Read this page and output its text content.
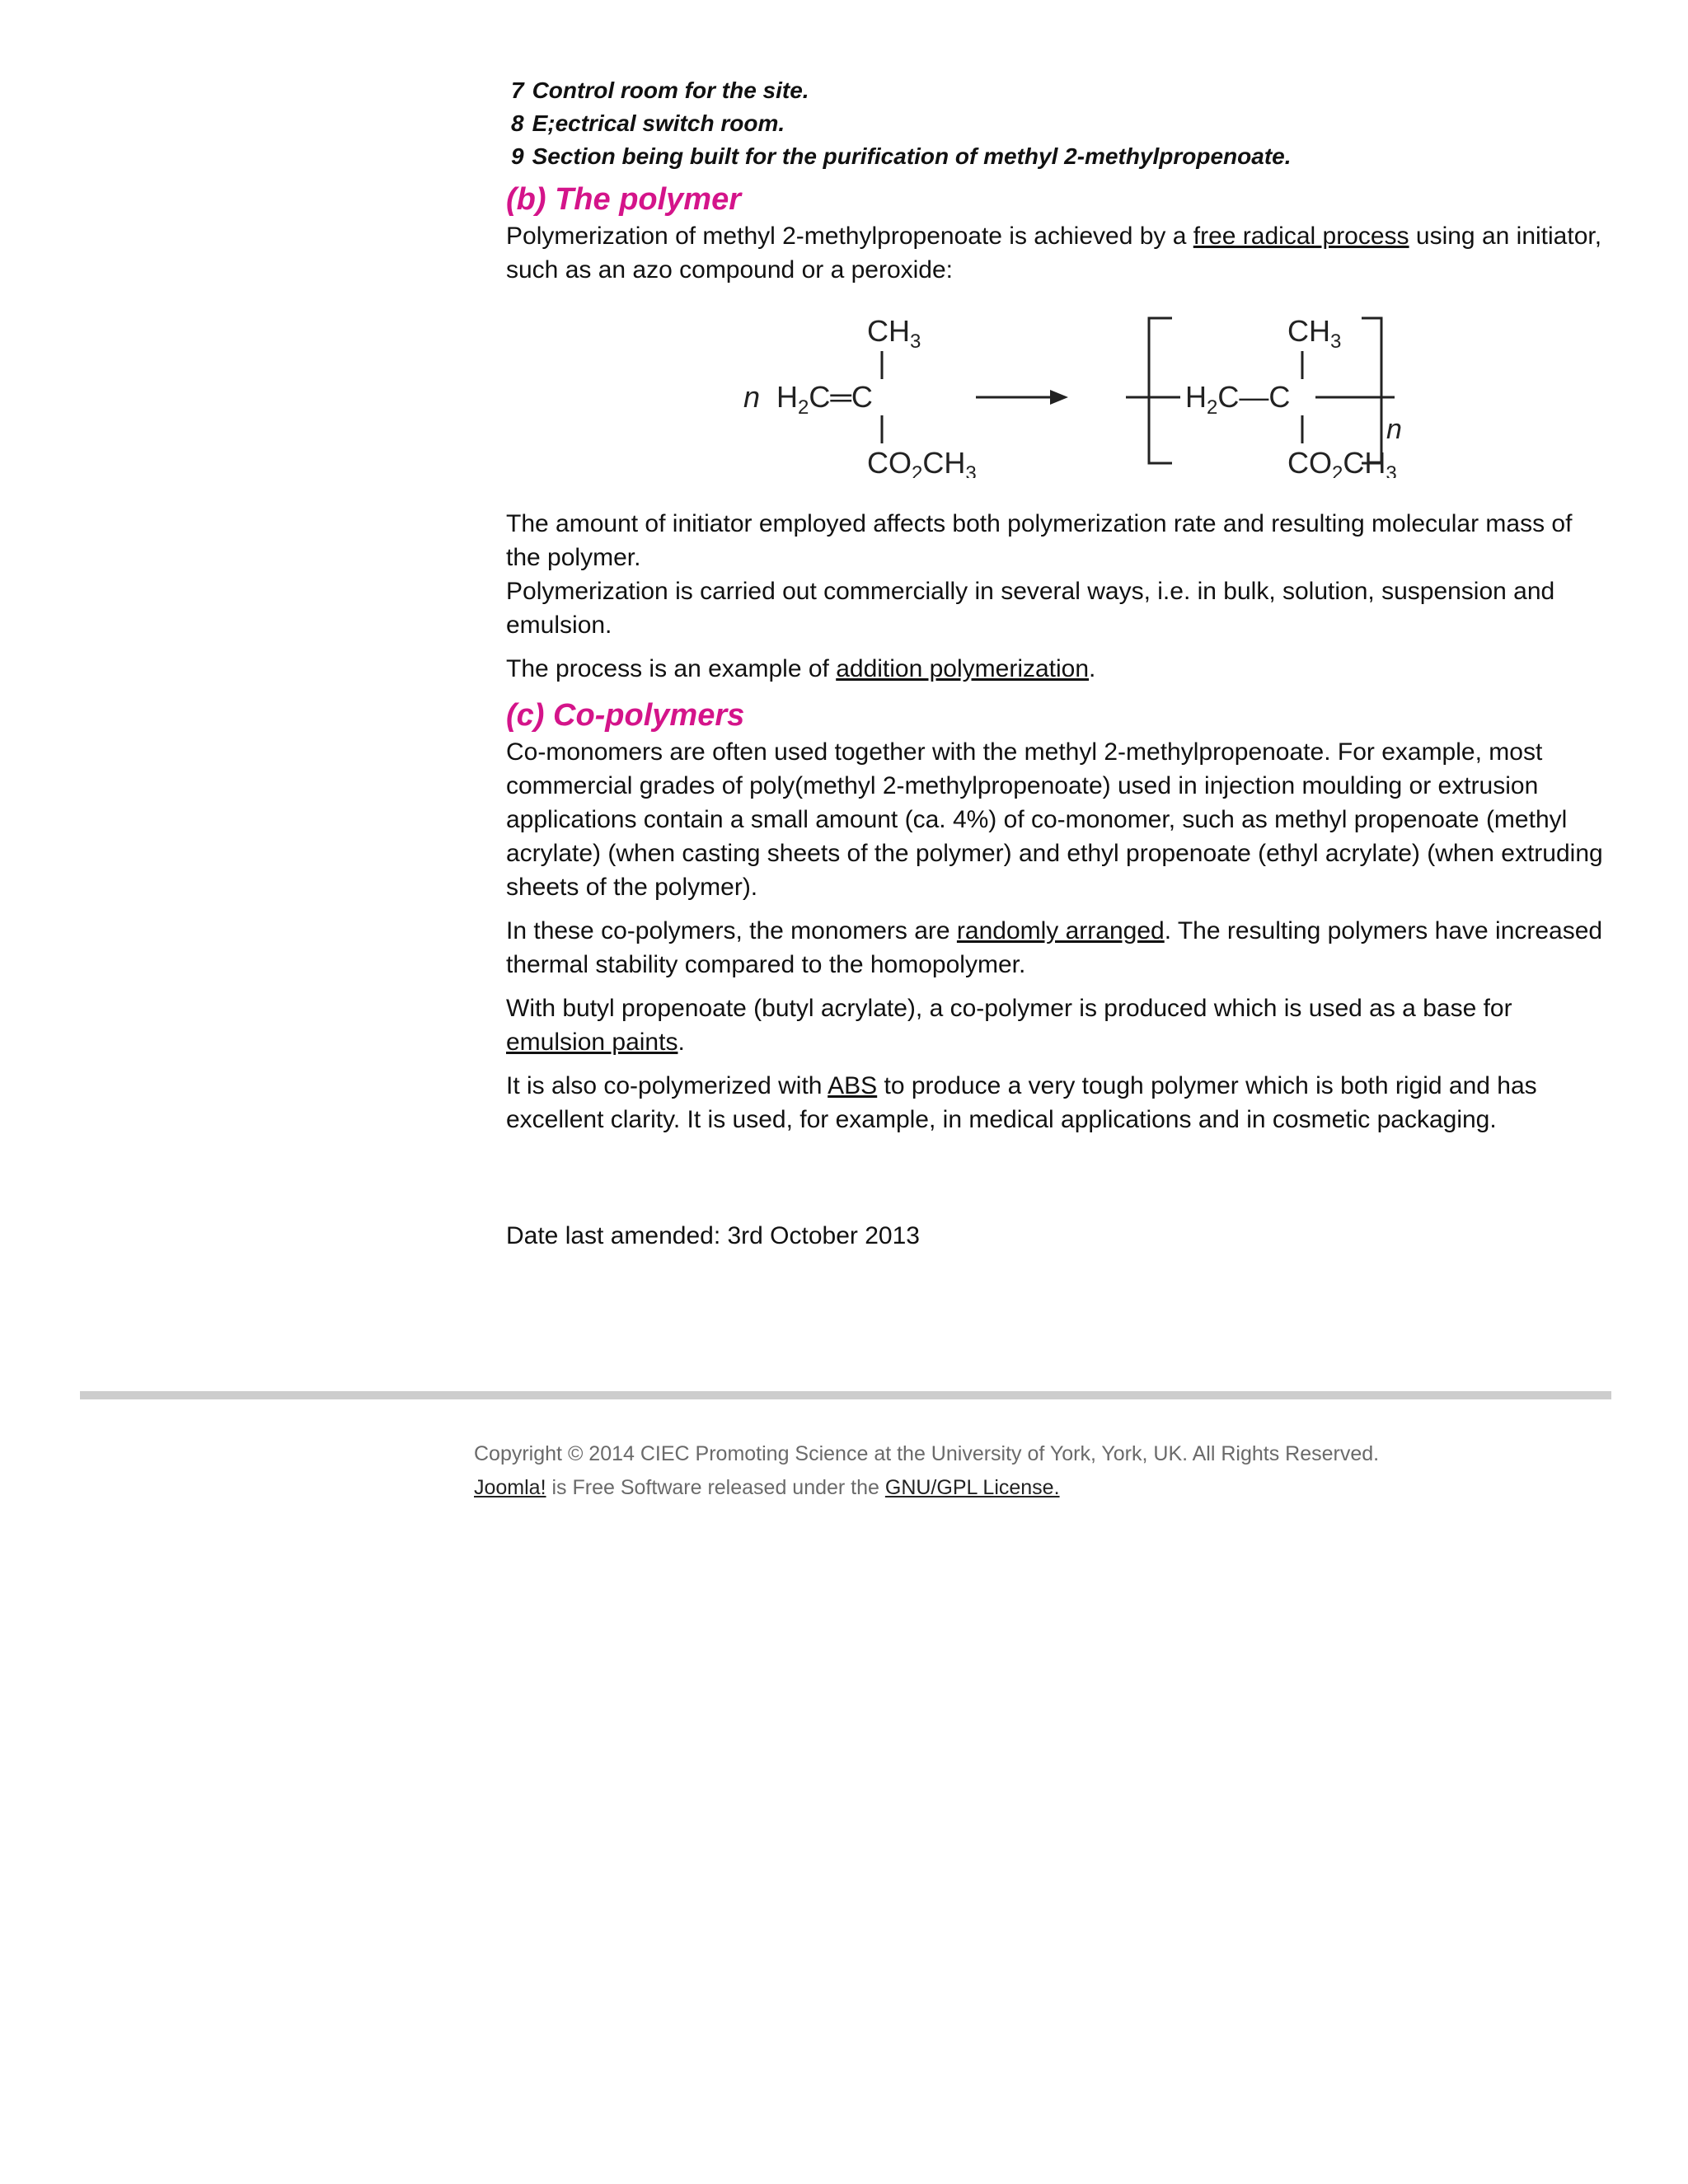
7 Control room for the site.
8 E;ectrical switch room.
9 Section being built for the purification of methyl 2-methylpropenoate.
(b) The polymer

Polymerization of methyl 2-methylpropenoate is achieved by a free radical process using an initiator, such as an azo compound or a peroxide:

n $H_2C═C$
$CH_3$
$CO_2CH_3$
$H_2C—C$
$CH_3$
n
$CO_2CH_3$

The amount of initiator employed affects both polymerization rate and resulting molecular mass of the polymer.

Polymerization is carried out commercially in several ways, i.e. in bulk, solution, suspension and emulsion.

The process is an example of addition polymerization.

(c) Co-polymers

Co-monomers are often used together with the methyl 2-methylpropenoate. For example, most commercial grades of poly(methyl 2-methylpropenoate) used in injection moulding or extrusion applications contain a small amount (ca. 4%) of co-monomer, such as methyl propenoate (methyl acrylate) (when casting sheets of the polymer) and ethyl propenoate (ethyl acrylate) (when extruding sheets of the polymer).

In these co-polymers, the monomers are randomly arranged. The resulting polymers have increased thermal stability compared to the homopolymer.

With butyl propenoate (butyl acrylate), a co-polymer is produced which is used as a base for emulsion paints.

It is also co-polymerized with ABS to produce a very tough polymer which is both rigid and has excellent clarity. It is used, for example, in medical applications and in cosmetic packaging.

Date last amended: 3rd October 2013

Copyright © 2014 CIEC Promoting Science at the University of York, York, UK. All Rights Reserved.
Joomla! is Free Software released under the GNU/GPL License.
